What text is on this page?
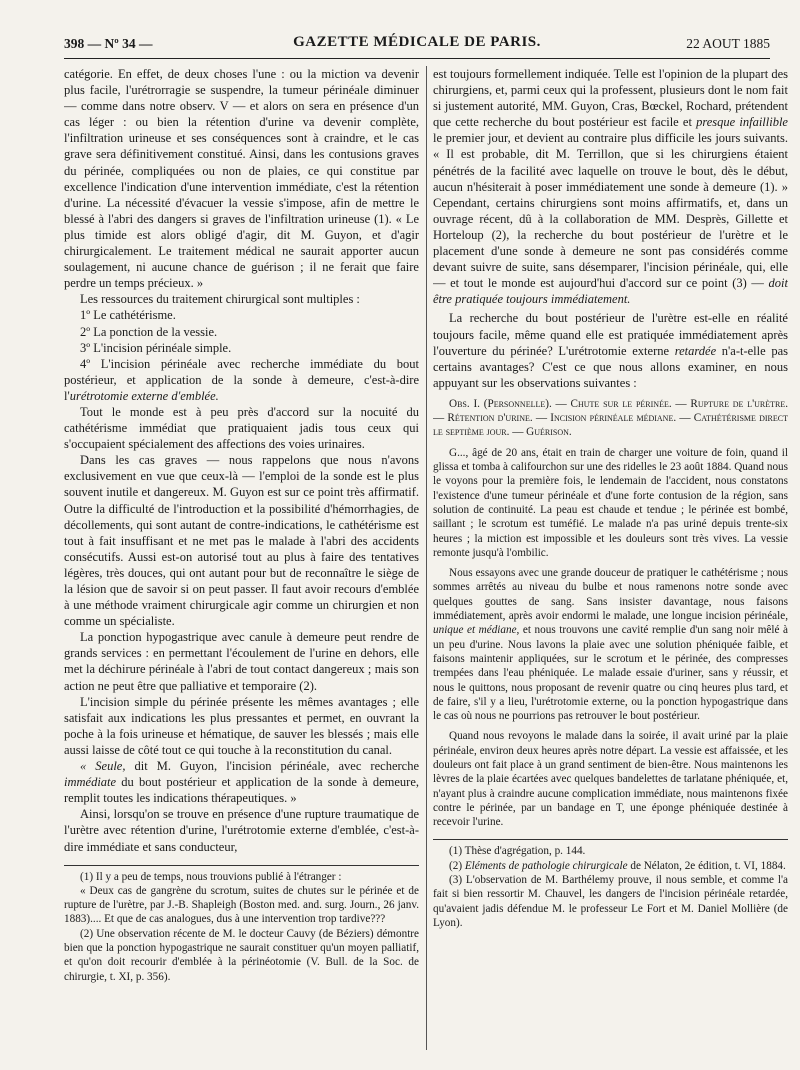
398 — Nº 34 —	GAZETTE MÉDICALE DE PARIS.	22 AOUT 1885

catégorie. En effet, de deux choses l'une : ou la miction va devenir plus facile, l'urétrorragie se suspendre, la tumeur périnéale diminuer — comme dans notre observ. V — et alors on sera en présence d'un cas léger : ou bien la rétention d'urine va devenir complète, l'infiltration urineuse et ses conséquences sont à craindre, et le cas grave sera définitivement constitué. Ainsi, dans les contusions graves du périnée, compliquées ou non de plaies, ce qui constitue par excellence l'indication d'une intervention immédiate, c'est la rétention d'urine. La nécessité d'évacuer la vessie s'impose, afin de mettre le blessé à l'abri des dangers si graves de l'infiltration urineuse (1). « Le plus timide est alors obligé d'agir, dit M. Guyon, et d'agir chirurgicalement. Le traitement médical ne saurait apporter aucun soulagement, ni aucune chance de guérison ; il ne ferait que faire perdre un temps précieux. »

Les ressources du traitement chirurgical sont multiples :

1º Le cathétérisme.

2º La ponction de la vessie.

3º L'incision périnéale simple.

4º L'incision périnéale avec recherche immédiate du bout postérieur, et application de la sonde à demeure, c'est-à-dire l'urétrotomie externe d'emblée.

Tout le monde est à peu près d'accord sur la nocuité du cathétérisme immédiat que pratiquaient jadis tous ceux qui s'occupaient spécialement des affections des voies urinaires.

Dans les cas graves — nous rappelons que nous n'avons exclusivement en vue que ceux-là — l'emploi de la sonde est le plus souvent inutile et dangereux. M. Guyon est sur ce point très affirmatif. Outre la difficulté de l'introduction et la possibilité d'hémorrhagies, de décollements, qui sont autant de contre-indications, le cathétérisme est tout à fait insuffisant et ne met pas le malade à l'abri des accidents consécutifs. Aussi est-on autorisé tout au plus à faire des tentatives légères, très douces, qui ont autant pour but de reconnaître le siège de la lésion que de savoir si on peut passer. Il faut avoir recours d'emblée à une méthode vraiment chirurgicale agir comme un chirurgien et non comme un spécialiste.

La ponction hypogastrique avec canule à demeure peut rendre de grands services : en permettant l'écoulement de l'urine en dehors, elle met la déchirure périnéale à l'abri de tout contact dangereux ; mais son action ne peut être que palliative et temporaire (2).

L'incision simple du périnée présente les mêmes avantages ; elle satisfait aux indications les plus pressantes et permet, en ouvrant la poche à la fois urineuse et hématique, de sauver les blessés ; mais elle aussi laisse de côté tout ce qui touche à la reconstitution du canal.

« Seule, dit M. Guyon, l'incision périnéale, avec recherche immédiate du bout postérieur et application de la sonde à demeure, remplit toutes les indications thérapeutiques. »

Ainsi, lorsqu'on se trouve en présence d'une rupture traumatique de l'urètre avec rétention d'urine, l'urétrotomie externe d'emblée, c'est-à-dire immédiate et sans conducteur,

(1) Il y a peu de temps, nous trouvions publié à l'étranger :

« Deux cas de gangrène du scrotum, suites de chutes sur le périnée et de rupture de l'urètre, par J.-B. Shapleigh (Boston med. and. surg. Journ., 26 janv. 1883).... Et que de cas analogues, dus à une intervention trop tardive???

(2) Une observation récente de M. le docteur Cauvy (de Béziers) démontre bien que la ponction hypogastrique ne saurait constituer qu'un moyen palliatif, et qu'on doit recourir d'emblée à la périnéotomie (V. Bull. de la Soc. de chirurgie, t. XI, p. 356).

est toujours formellement indiquée. Telle est l'opinion de la plupart des chirurgiens, et, parmi ceux qui la professent, plusieurs dont le nom fait si justement autorité, MM. Guyon, Cras, Bœckel, Rochard, prétendent que cette recherche du bout postérieur est facile et presque infaillible le premier jour, et devient au contraire plus difficile les jours suivants. « Il est probable, dit M. Terrillon, que si les chirurgiens étaient pénétrés de la facilité avec laquelle on trouve le bout, dès le début, aucun n'hésiterait à poser immédiatement une sonde à demeure (1). » Cependant, certains chirurgiens sont moins affirmatifs, et, dans un ouvrage récent, dû à la collaboration de MM. Desprès, Gillette et Horteloup (2), la recherche du bout postérieur de l'urètre et le placement d'une sonde à demeure ne sont pas considérés comme devant suivre de suite, sans désemparer, l'incision périnéale, qui, elle — et tout le monde est aujourd'hui d'accord sur ce point (3) — doit être pratiquée toujours immédiatement.

La recherche du bout postérieur de l'urètre est-elle en réalité toujours facile, même quand elle est pratiquée immédiatement après l'ouverture du périnée? L'urétrotomie externe retardée n'a-t-elle pas certains avantages? C'est ce que nous allons examiner, en nous appuyant sur les observations suivantes :

Obs. I. (Personnelle). — Chute sur le périnée. — Rupture de l'urètre. — Rétention d'urine. — Incision périnéale médiane. — Cathétérisme direct le septième jour. — Guérison.

G..., âgé de 20 ans, était en train de charger une voiture de foin, quand il glissa et tomba à califourchon sur une des ridelles le 23 août 1884. Quand nous le voyons pour la première fois, le lendemain de l'accident, nous constatons l'existence d'une tumeur périnéale et d'une forte contusion de la région, sans solution de continuité. La peau est chaude et tendue ; le périnée est bombé, saillant ; le scrotum est tuméfié. Le malade n'a pas uriné depuis trente-six heures ; la miction est impossible et les douleurs sont très vives. La vessie remonte jusqu'à l'ombilic.

Nous essayons avec une grande douceur de pratiquer le cathétérisme ; nous sommes arrêtés au niveau du bulbe et nous ramenons notre sonde avec quelques gouttes de sang. Sans insister davantage, nous faisons immédiatement, après avoir endormi le malade, une longue incision périnéale, unique et médiane, et nous trouvons une cavité remplie d'un sang noir mêlé à un peu d'urine. Nous lavons la plaie avec une solution phéniquée faible, et faisons maintenir appliquées, sur le scrotum et le périnée, des compresses trempées dans l'eau phéniquée. Le malade essaie d'uriner, sans y réussir, et nous le quittons, nous proposant de revenir quatre ou cinq heures plus tard, et de faire, s'il y a lieu, l'urétrotomie externe, ou la ponction hypogastrique dans le cas où nous ne pourrions pas retrouver le bout postérieur.

Quand nous revoyons le malade dans la soirée, il avait uriné par la plaie périnéale, environ deux heures après notre départ. La vessie est affaissée, et les douleurs ont fait place à un grand sentiment de bien-être. Nous maintenons les lèvres de la plaie écartées avec quelques bandelettes de tarlatane phéniquée, et, n'ayant plus à craindre aucune complication immédiate, nous maintenons fixée contre le périnée, par un bandage en T, une éponge phéniquée destinée à recevoir l'urine.

(1) Thèse d'agrégation, p. 144.

(2) Eléments de pathologie chirurgicale de Nélaton, 2e édition, t. VI, 1884.

(3) L'observation de M. Barthélemy prouve, il nous semble, et comme l'a fait si bien ressortir M. Chauvel, les dangers de l'incision périnéale retardée, qu'avaient jadis défendue M. le professeur Le Fort et M. Daniel Mollière (de Lyon).
